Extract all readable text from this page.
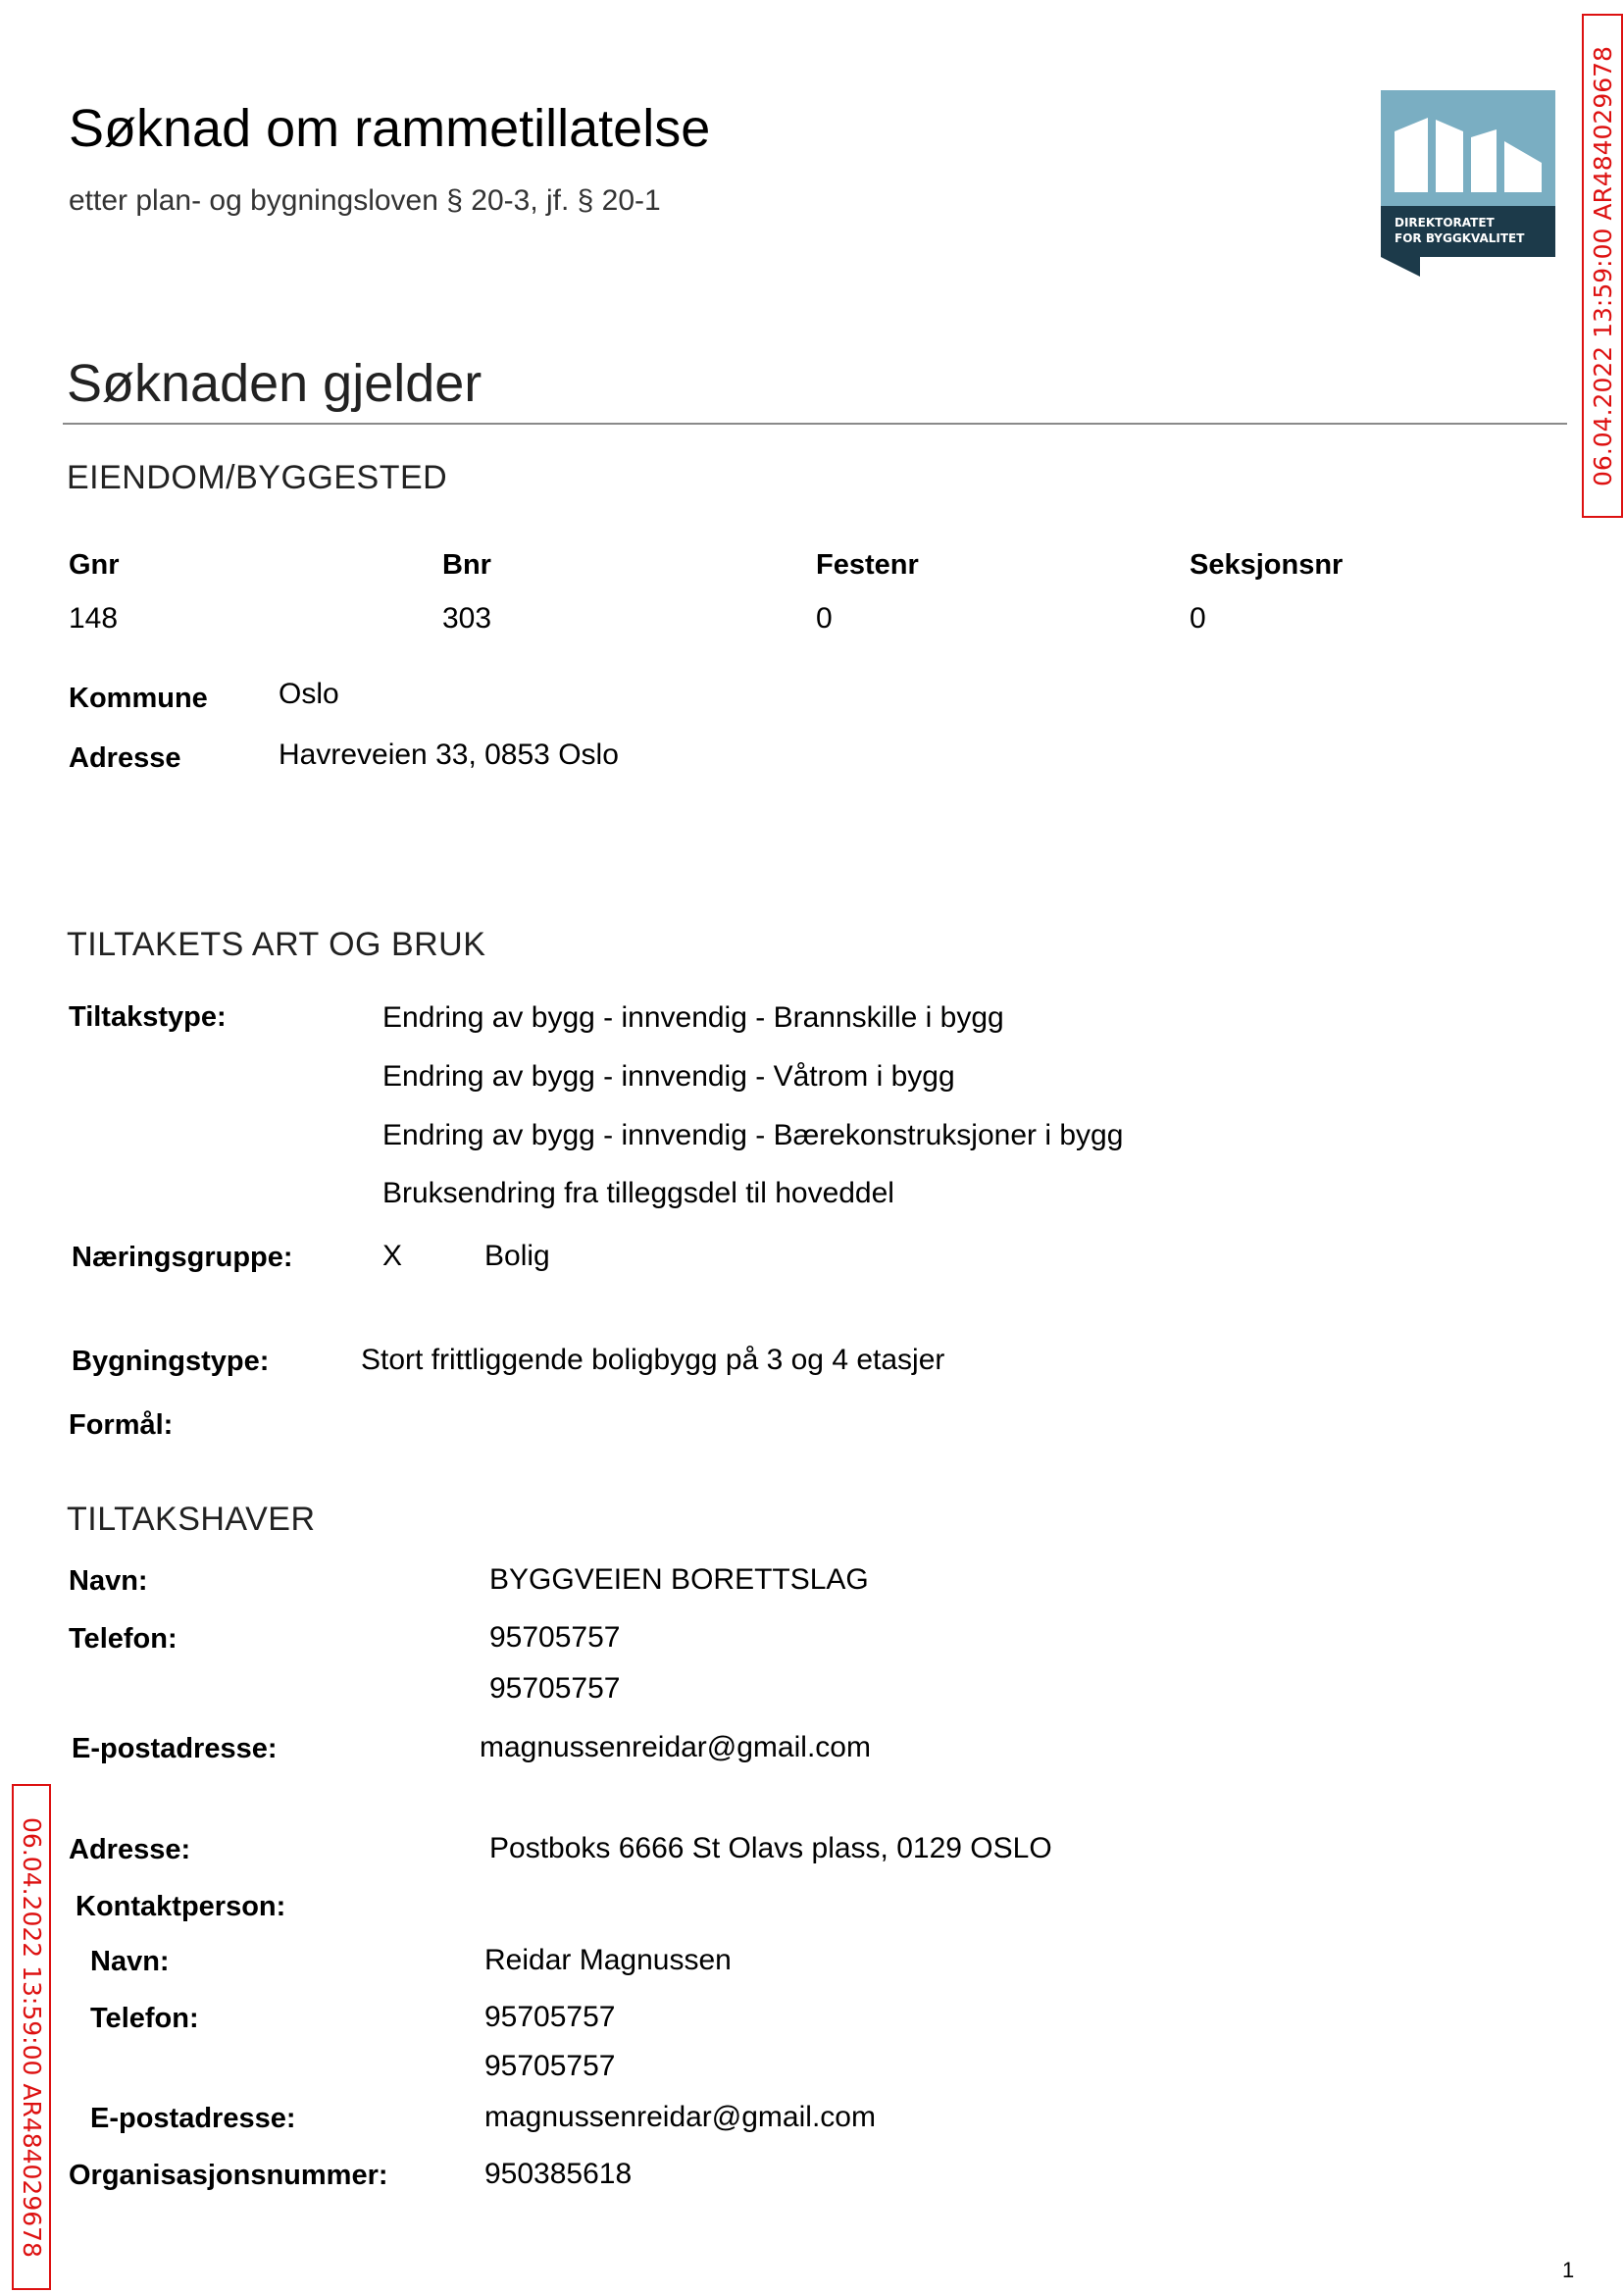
Søknad om rammetillatelse
etter plan- og bygningsloven § 20-3, jf. § 20-1
DIREKTORATET
FOR BYGGKVALITET	06.04.2022 13:59:00 AR484029678
06.04.2022 13:59:00 AR484029678
Søknaden gjelder
EIENDOM/BYGGESTED
Gnr	Bnr	Festenr	Seksjonsnr
148	303	0	0
Kommune Oslo
Adresse	Havreveien 33, 0853 Oslo
TILTAKETS ART OG BRUK
Tiltakstype:	Endring av bygg - innvendig - Brannskille i bygg
Endring av bygg - innvendig - Våtrom i bygg
Endring av bygg - innvendig - Bærekonstruksjoner i bygg
Bruksendring fra tilleggsdel til hoveddel
Næringsgruppe:	X	Bolig
Bygningstype:	Stort frittliggende boligbygg på 3 og 4 etasjer
Formål:
TILTAKSHAVER
Navn:	BYGGVEIEN BORETTSLAG
Telefon:	95705757
95705757
E-postadresse:	magnussenreidar@gmail.com
Adresse:	Postboks 6666 St Olavs plass, 0129 OSLO
Kontaktperson:
Navn:	Reidar Magnussen
Telefon:	95705757
95705757
E-postadresse:	magnussenreidar@gmail.com
Organisasjonsnummer:	950385618
1
